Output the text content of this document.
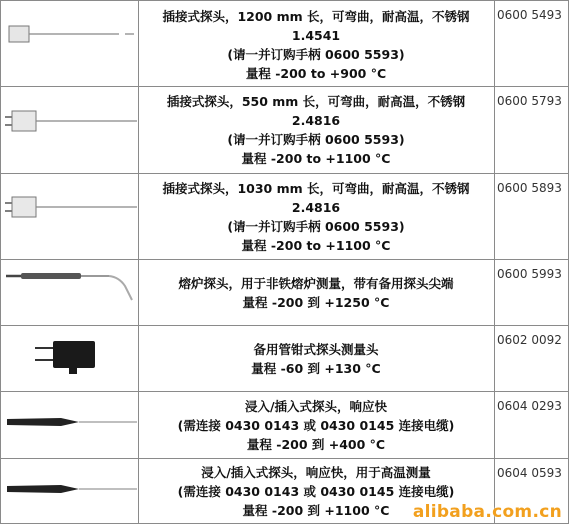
插接式探头，1200 mm 长，可弯曲，耐高温，不锈钢
1.4541
(请一并订购手柄 0600 5593)
量程 -200 to +900 °C
0600 5493
插接式探头，550 mm 长，可弯曲，耐高温，不锈钢
2.4816
(请一并订购手柄 0600 5593)
量程 -200 to +1100 °C
0600 5793
插接式探头，1030 mm 长，可弯曲，耐高温，不锈钢
2.4816
(请一并订购手柄 0600 5593)
量程 -200 to +1100 °C
0600 5893
熔炉探头，用于非铁熔炉测量，带有备用探头尖端
量程 -200 到 +1250 °C
0600 5993
备用管钳式探头测量头
量程 -60 到 +130 °C
0602 0092
浸入/插入式探头，响应快
(需连接 0430 0143 或 0430 0145 连接电缆)
量程 -200 到 +400 °C
0604 0293
浸入/插入式探头，响应快，用于高温测量
(需连接 0430 0143 或 0430 0145 连接电缆)
量程 -200 到 +1100 °C
0604 0593
alibaba.com.cn
